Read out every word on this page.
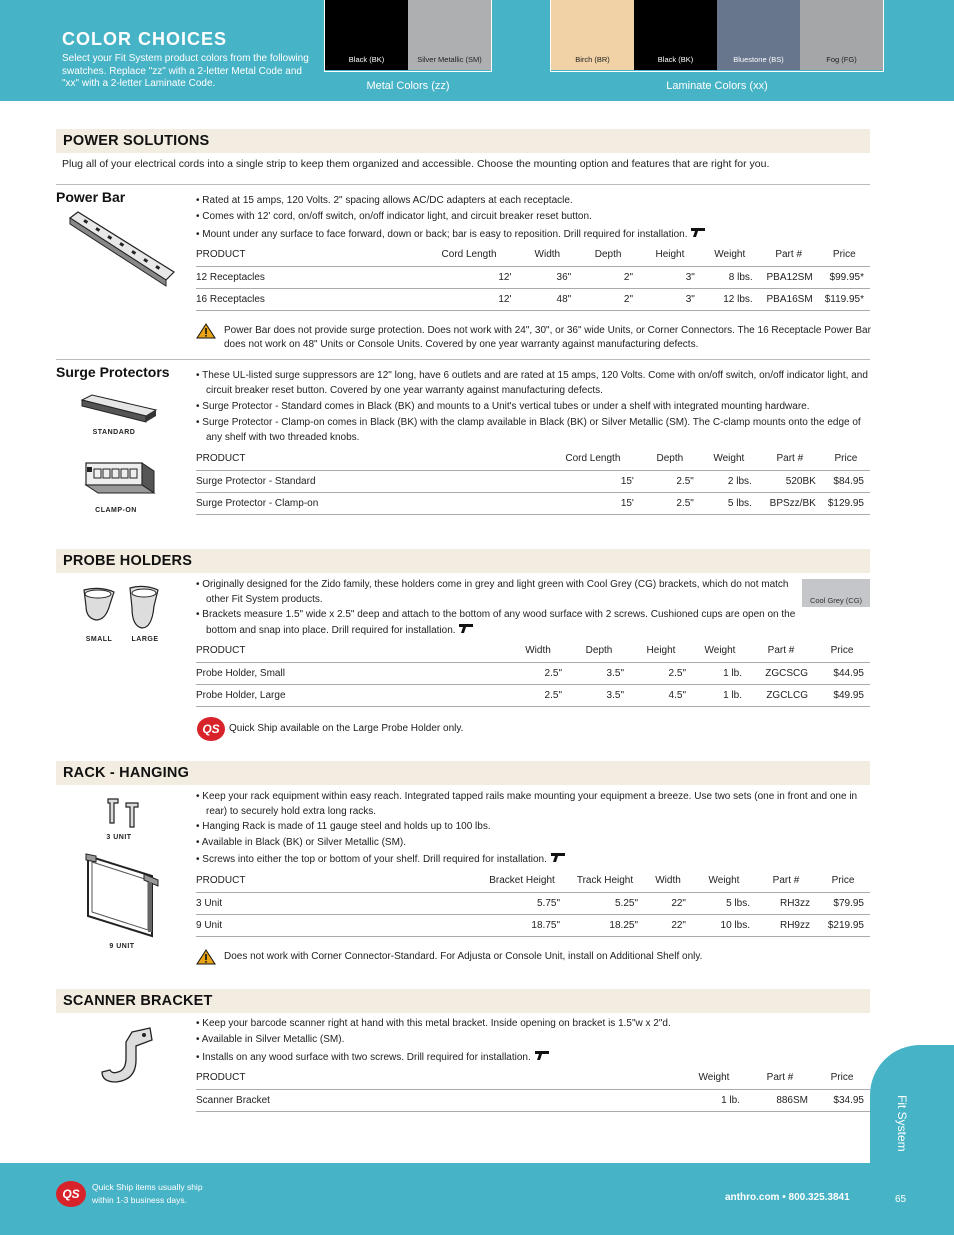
COLOR CHOICES
Select your Fit System product colors from the following swatches. Replace "zz" with a 2-letter Metal Code and "xx" with a 2-letter Laminate Code.
Black (BK)	Silver Metallic (SM)
Metal Colors (zz)
Birch (BR)	Black (BK)	Bluestone (BS)	Fog (FG)
Laminate Colors (xx)
POWER SOLUTIONS
Plug all of your electrical cords into a single strip to keep them organized and accessible. Choose the mounting option and features that are right for you.
Power Bar	• Rated at 15 amps, 120 Volts. 2" spacing allows AC/DC adapters at each receptacle.
• Comes with 12' cord, on/off switch, on/off indicator light, and circuit breaker reset button.
• Mount under any surface to face forward, down or back; bar is easy to reposition. Drill required for installation.
PRODUCT	Cord Length	Width	Depth	Height	Weight	Part #	Price
12 Receptacles	12'	36"	2"	3"	8 lbs.	PBA12SM	$99.95*
16 Receptacles	12'	48"	2"	3"	12 lbs.	PBA16SM	$119.95*
Power Bar does not provide surge protection. Does not work with 24", 30", or 36" wide Units, or Corner Connectors. The 16 Receptacle Power Bar does not work on 48" Units or Console Units. Covered by one year warranty against manufacturing defects.
Surge Protectors
STANDARD
CLAMP-ON
• These UL-listed surge suppressors are 12" long, have 6 outlets and are rated at 15 amps, 120 Volts. Come with on/off switch, on/off indicator light, and circuit breaker reset button. Covered by one year warranty against manufacturing defects.
• Surge Protector - Standard comes in Black (BK) and mounts to a Unit's vertical tubes or under a shelf with integrated mounting hardware.
• Surge Protector - Clamp-on comes in Black (BK) with the clamp available in Black (BK) or Silver Metallic (SM). The C-clamp mounts onto the edge of any shelf with two threaded knobs.
PRODUCT	Cord Length	Depth	Weight	Part #	Price
Surge Protector - Standard	15'	2.5"	2 lbs.	520BK	$84.95
Surge Protector - Clamp-on	15'	2.5"	5 lbs.	BPSzz/BK	$129.95
PROBE HOLDERS
SMALL	LARGE
• Originally designed for the Zido family, these holders come in grey and light green with Cool Grey (CG) brackets, which do not match other Fit System products.
• Brackets measure 1.5" wide x 2.5" deep and attach to the bottom of any wood surface with 2 screws. Cushioned cups are open on the bottom and snap into place. Drill required for installation.
Cool Grey (CG)
PRODUCT	Width	Depth	Height	Weight	Part #	Price
Probe Holder, Small	2.5"	3.5"	2.5"	1 lb.	ZGCSCG	$44.95
Probe Holder, Large	2.5"	3.5"	4.5"	1 lb.	ZGCLCG	$49.95
QS Quick Ship available on the Large Probe Holder only.
RACK - HANGING
3 UNIT
9 UNIT
• Keep your rack equipment within easy reach. Integrated tapped rails make mounting your equipment a breeze. Use two sets (one in front and one in rear) to securely hold extra long racks.
• Hanging Rack is made of 11 gauge steel and holds up to 100 lbs.
• Available in Black (BK) or Silver Metallic (SM).
• Screws into either the top or bottom of your shelf. Drill required for installation.
PRODUCT	Bracket Height	Track Height	Width	Weight	Part #	Price
3 Unit	5.75"	5.25"	22"	5 lbs.	RH3zz	$79.95
9 Unit	18.75"	18.25"	22"	10 lbs.	RH9zz	$219.95
Does not work with Corner Connector-Standard. For Adjusta or Console Unit, install on Additional Shelf only.
SCANNER BRACKET
• Keep your barcode scanner right at hand with this metal bracket. Inside opening on bracket is 1.5"w x 2"d.
• Available in Silver Metallic (SM).
• Installs on any wood surface with two screws. Drill required for installation.
PRODUCT	Weight	Part #	Price
Scanner Bracket	1 lb.	886SM	$34.95	Fit System
QS	Quick Ship items usually ship
within 1-3 business days.	anthro.com • 800.325.3841	65
